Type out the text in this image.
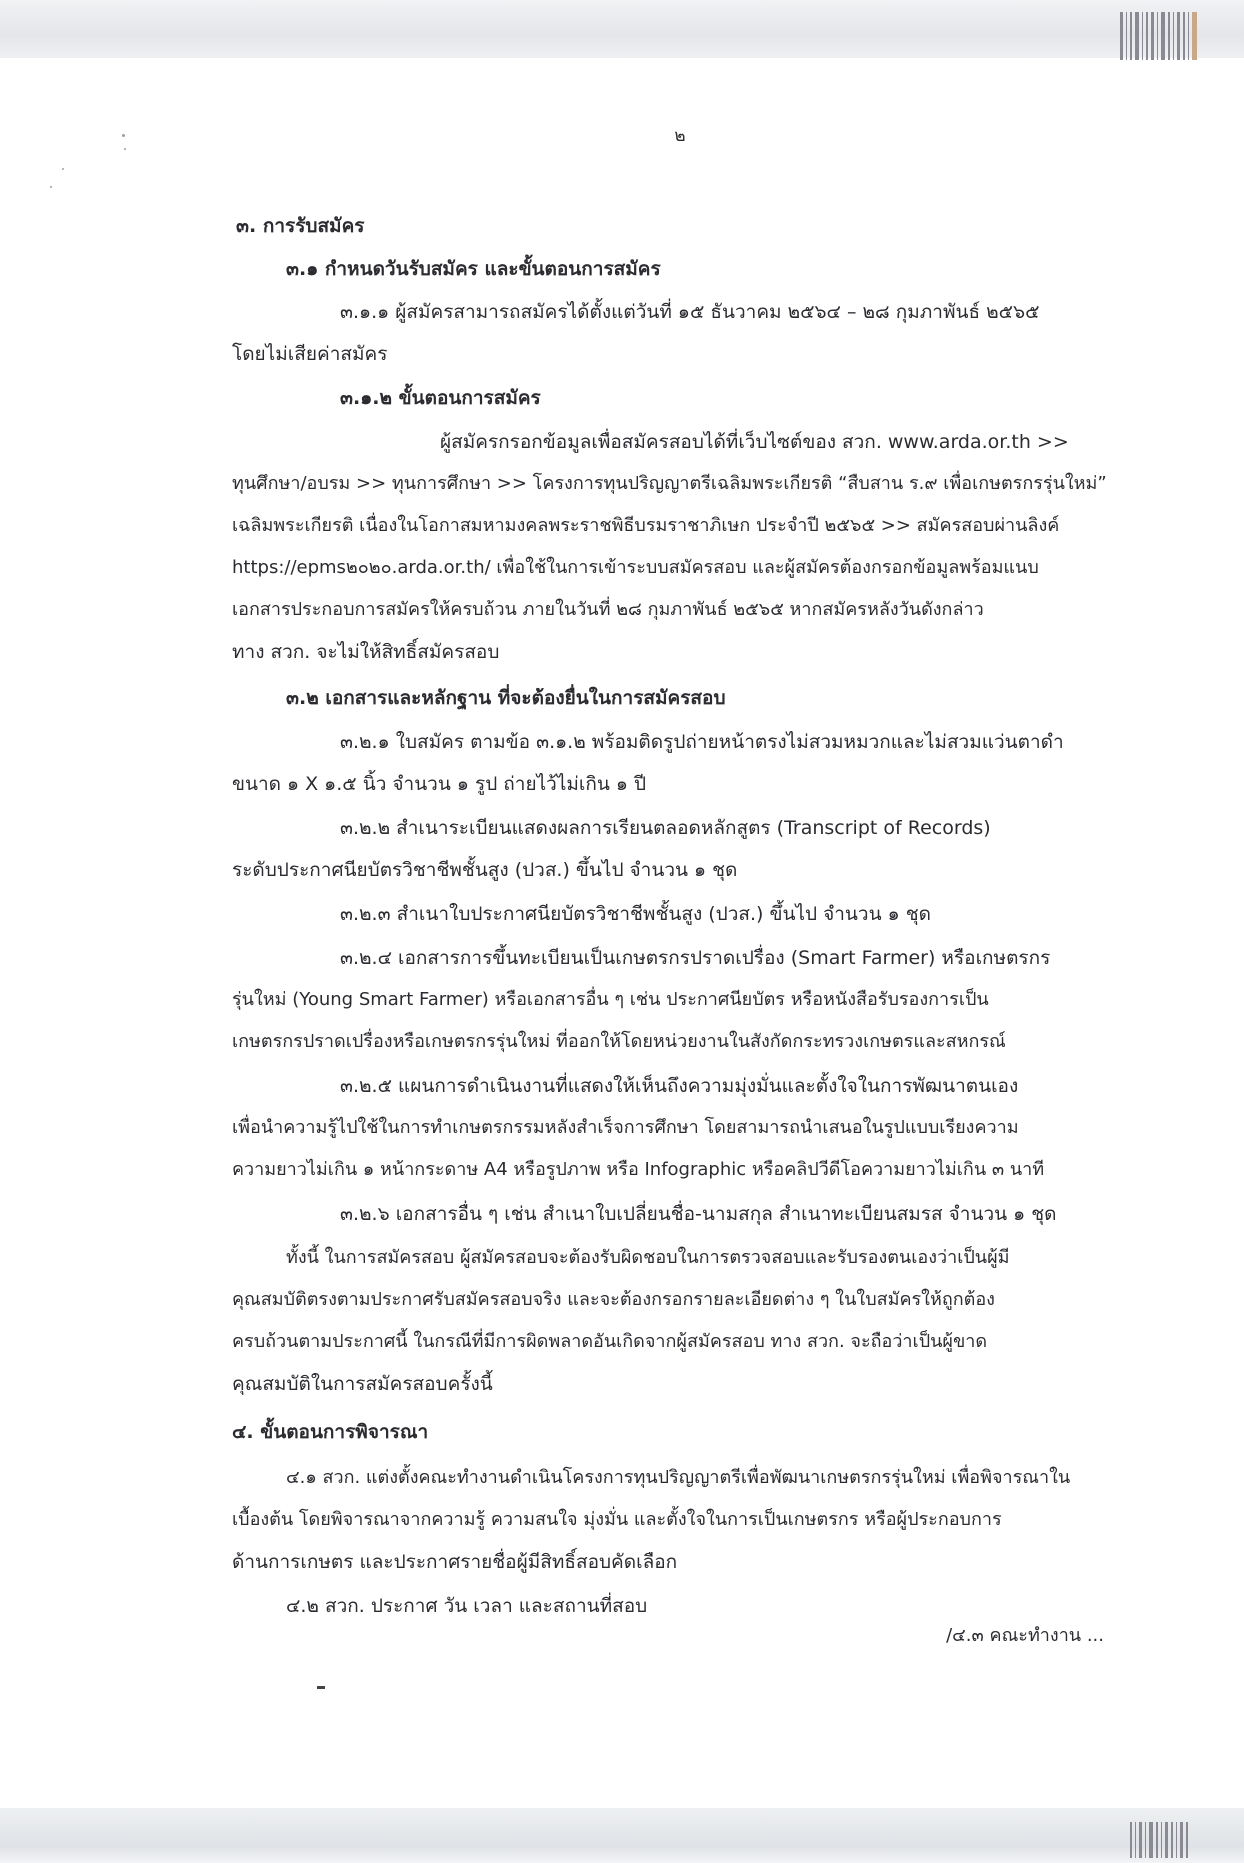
๒
๓. การรับสมัคร
๓.๑ กำหนดวันรับสมัคร และขั้นตอนการสมัคร
๓.๑.๑ ผู้สมัครสามารถสมัครได้ตั้งแต่วันที่ ๑๕ ธันวาคม ๒๕๖๔ – ๒๘ กุมภาพันธ์ ๒๕๖๕
โดยไม่เสียค่าสมัคร
๓.๑.๒ ขั้นตอนการสมัคร
ผู้สมัครกรอกข้อมูลเพื่อสมัครสอบได้ที่เว็บไซต์ของ สวก. www.arda.or.th >>
ทุนศึกษา/อบรม >> ทุนการศึกษา >> โครงการทุนปริญญาตรีเฉลิมพระเกียรติ “สืบสาน ร.๙ เพื่อเกษตรกรรุ่นใหม่”
เฉลิมพระเกียรติ เนื่องในโอกาสมหามงคลพระราชพิธีบรมราชาภิเษก ประจำปี ๒๕๖๕ >> สมัครสอบผ่านลิงค์
https://epms๒๐๒๐.arda.or.th/ เพื่อใช้ในการเข้าระบบสมัครสอบ และผู้สมัครต้องกรอกข้อมูลพร้อมแนบ
เอกสารประกอบการสมัครให้ครบถ้วน ภายในวันที่ ๒๘ กุมภาพันธ์ ๒๕๖๕ หากสมัครหลังวันดังกล่าว
ทาง สวก. จะไม่ให้สิทธิ์สมัครสอบ
๓.๒ เอกสารและหลักฐาน ที่จะต้องยื่นในการสมัครสอบ
๓.๒.๑ ใบสมัคร ตามข้อ ๓.๑.๒ พร้อมติดรูปถ่ายหน้าตรงไม่สวมหมวกและไม่สวมแว่นตาดำ
ขนาด ๑ X ๑.๕ นิ้ว จำนวน ๑ รูป ถ่ายไว้ไม่เกิน ๑ ปี
๓.๒.๒ สำเนาระเบียนแสดงผลการเรียนตลอดหลักสูตร (Transcript of Records)
ระดับประกาศนียบัตรวิชาชีพชั้นสูง (ปวส.) ขึ้นไป จำนวน ๑ ชุด
๓.๒.๓ สำเนาใบประกาศนียบัตรวิชาชีพชั้นสูง (ปวส.) ขึ้นไป จำนวน ๑ ชุด
๓.๒.๔ เอกสารการขึ้นทะเบียนเป็นเกษตรกรปราดเปรื่อง (Smart Farmer) หรือเกษตรกร
รุ่นใหม่ (Young Smart Farmer) หรือเอกสารอื่น ๆ เช่น ประกาศนียบัตร หรือหนังสือรับรองการเป็น
เกษตรกรปราดเปรื่องหรือเกษตรกรรุ่นใหม่ ที่ออกให้โดยหน่วยงานในสังกัดกระทรวงเกษตรและสหกรณ์
๓.๒.๕ แผนการดำเนินงานที่แสดงให้เห็นถึงความมุ่งมั่นและตั้งใจในการพัฒนาตนเอง
เพื่อนำความรู้ไปใช้ในการทำเกษตรกรรมหลังสำเร็จการศึกษา โดยสามารถนำเสนอในรูปแบบเรียงความ
ความยาวไม่เกิน ๑ หน้ากระดาษ A4 หรือรูปภาพ หรือ Infographic หรือคลิปวีดีโอความยาวไม่เกิน ๓ นาที
๓.๒.๖ เอกสารอื่น ๆ เช่น สำเนาใบเปลี่ยนชื่อ-นามสกุล สำเนาทะเบียนสมรส จำนวน ๑ ชุด
ทั้งนี้ ในการสมัครสอบ ผู้สมัครสอบจะต้องรับผิดชอบในการตรวจสอบและรับรองตนเองว่าเป็นผู้มี
คุณสมบัติตรงตามประกาศรับสมัครสอบจริง และจะต้องกรอกรายละเอียดต่าง ๆ ในใบสมัครให้ถูกต้อง
ครบถ้วนตามประกาศนี้ ในกรณีที่มีการผิดพลาดอันเกิดจากผู้สมัครสอบ ทาง สวก. จะถือว่าเป็นผู้ขาด
คุณสมบัติในการสมัครสอบครั้งนี้
๔. ขั้นตอนการพิจารณา
๔.๑ สวก. แต่งตั้งคณะทำงานดำเนินโครงการทุนปริญญาตรีเพื่อพัฒนาเกษตรกรรุ่นใหม่ เพื่อพิจารณาใน
เบื้องต้น โดยพิจารณาจากความรู้ ความสนใจ มุ่งมั่น และตั้งใจในการเป็นเกษตรกร หรือผู้ประกอบการ
ด้านการเกษตร และประกาศรายชื่อผู้มีสิทธิ์สอบคัดเลือก
๔.๒ สวก. ประกาศ วัน เวลา และสถานที่สอบ
/๔.๓ คณะทำงาน ...
